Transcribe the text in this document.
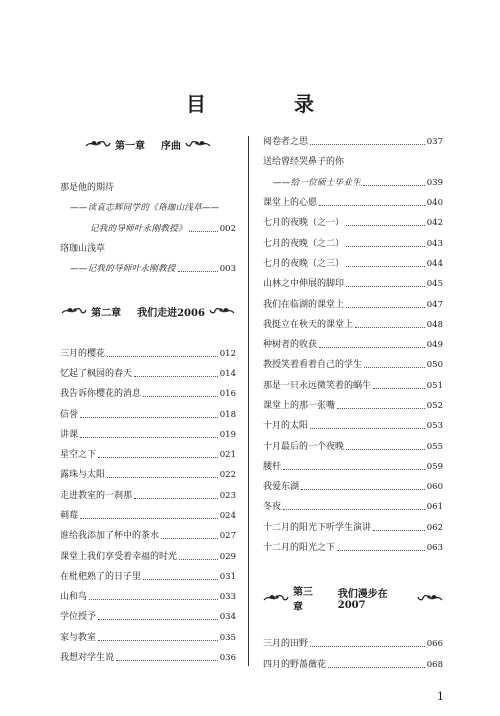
目　录
第一章 序曲
那是他的期待
——读袁志辉同学的《珞珈山浅草——
记我的导师叶永刚教授》	002
珞珈山浅草
——记我的导师叶永刚教授	003
第二章 我们走进2006
三月的樱花	012
忆起了枫园的春天	014
我告诉你樱花的消息	016
信誉	018
讲课	019
星空之下	021
露珠与太阳	022
走进教室的一刹那	023
刺莓	024
谁给我添加了杯中的茶水	027
课堂上我们享受着幸福的时光	029
在枇杷熟了的日子里	031
山和鸟	033
学位授予	034
家与教室	035
我想对学生说	036
阅卷者之思	037
送给曾经哭鼻子的你
——给一位硕士毕业生	039
课堂上的心愿	040
七月的夜晚（之一）	042
七月的夜晚（之二）	043
七月的夜晚（之三）	044
山林之中伸展的脚印	045
我们在临湖的课堂上	047
我挺立在秋天的课堂上	048
种树者的收获	049
教授笑着看着自己的学生	050
那是一只永远微笑着的蜗牛	051
课堂上的那一张嘴	052
十月的太阳	053
十月最后的一个夜晚	055
腰杆	059
我爱东湖	060
冬夜	061
十二月的阳光下听学生演讲	062
十二月的阳光之下	063
第三章
我们漫步在2007
三月的田野	066
四月的野蔷薇花	068
1
